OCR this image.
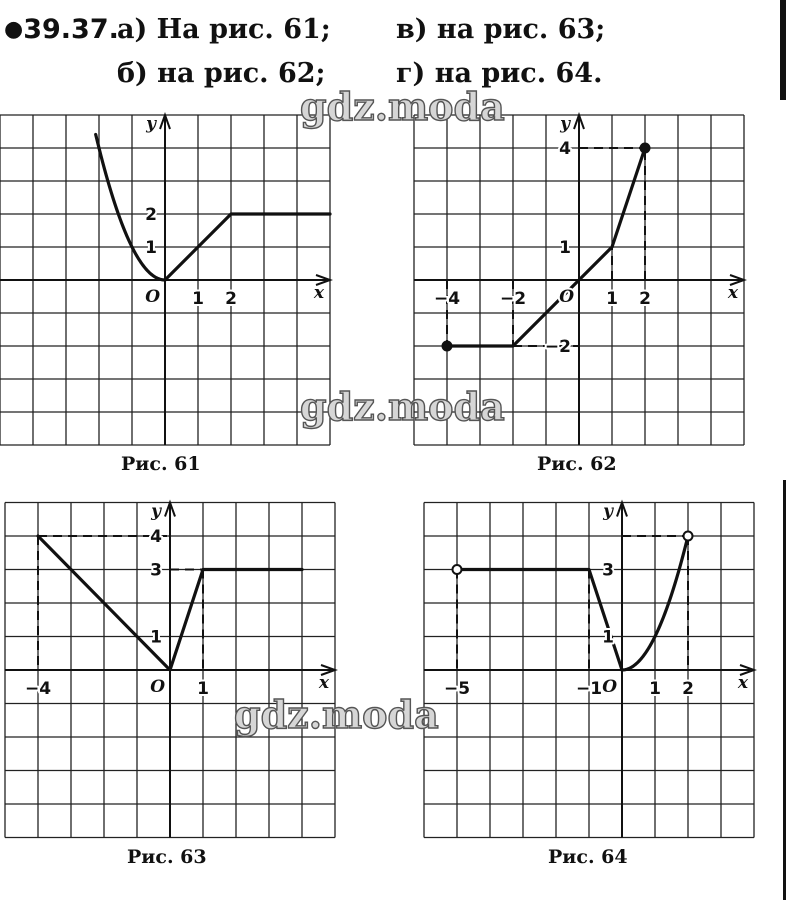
●39.37.
а) На рис. 61; в) на рис. 63;
б) на рис. 62;	г) на рис. 64.
1 2
1
2
x
y
O	−4 −2	1 2
4
1
−2
x
y
O
−4	1
4
3
1
x
y
O	−5	−1	1 2
3
1
x
y
O
Рис. 61	Рис. 62
Рис. 63	Рис. 64
gdz.moda
gdz.moda
gdz.moda
